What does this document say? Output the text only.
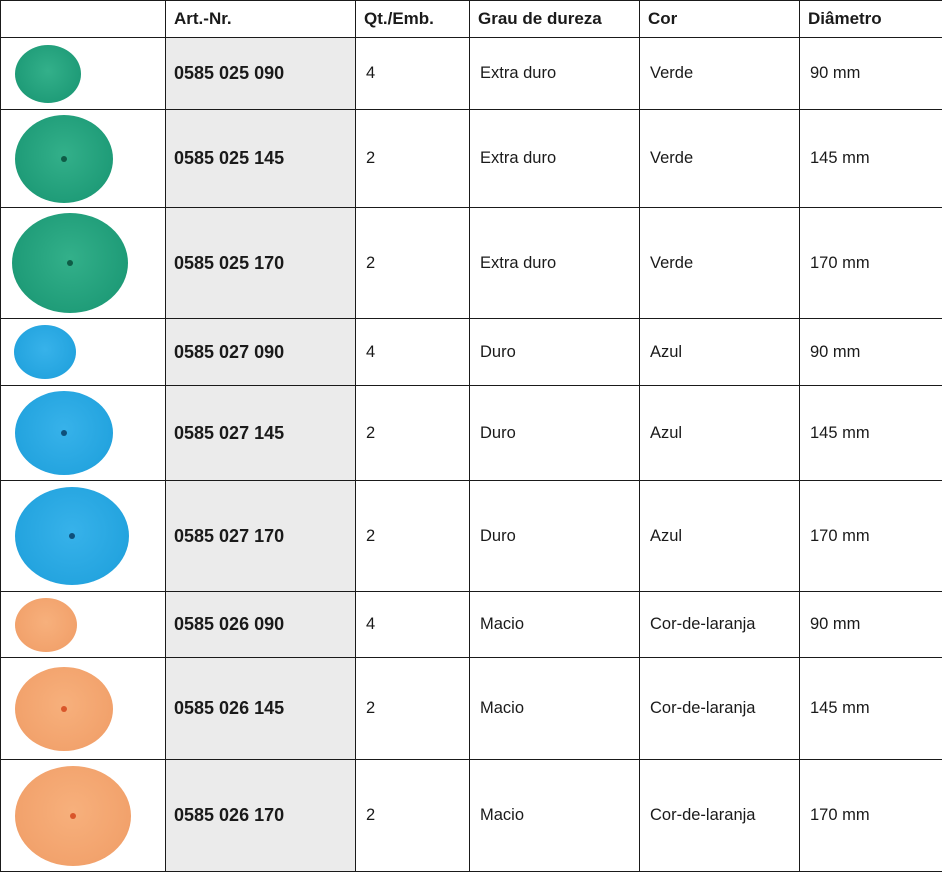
	Art.-Nr.	Qt./Emb.	Grau de dureza	Cor	Diâmetro

	0585 025 090	4	Extra duro	Verde	90 mm

	0585 025 145	2	Extra duro	Verde	145 mm

	0585 025 170	2	Extra duro	Verde	170 mm

	0585 027 090	4	Duro	Azul	90 mm

	0585 027 145	2	Duro	Azul	145 mm

	0585 027 170	2	Duro	Azul	170 mm

	0585 026 090	4	Macio	Cor-de-laranja	90 mm

	0585 026 145	2	Macio	Cor-de-laranja	145 mm

	0585 026 170	2	Macio	Cor-de-laranja	170 mm
